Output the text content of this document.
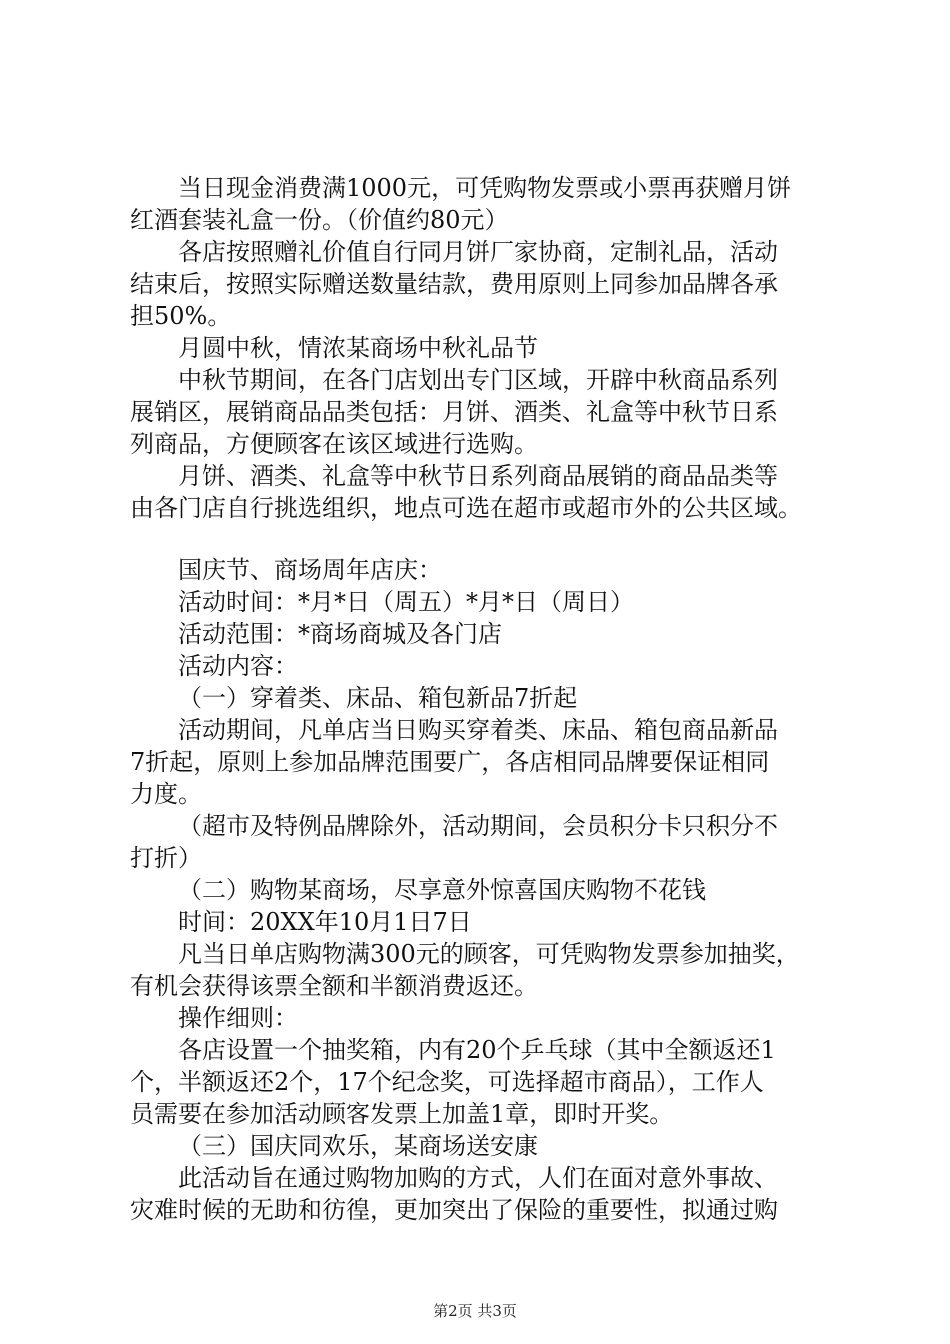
当日现金消费满1000元，可凭购物发票或小票再获赠月饼

红酒套装礼盒一份。（价值约80元）

各店按照赠礼价值自行同月饼厂家协商，定制礼品，活动

结束后，按照实际赠送数量结款，费用原则上同参加品牌各承

担50%。

月圆中秋，情浓某商场中秋礼品节

中秋节期间，在各门店划出专门区域，开辟中秋商品系列

展销区，展销商品品类包括：月饼、酒类、礼盒等中秋节日系

列商品，方便顾客在该区域进行选购。

月饼、酒类、礼盒等中秋节日系列商品展销的商品品类等

由各门店自行挑选组织，地点可选在超市或超市外的公共区域。

国庆节、商场周年店庆：

活动时间：*月*日（周五）*月*日（周日）

活动范围：*商场商城及各门店

活动内容：

（一）穿着类、床品、箱包新品7折起

活动期间，凡单店当日购买穿着类、床品、箱包商品新品

7折起，原则上参加品牌范围要广，各店相同品牌要保证相同

力度。

（超市及特例品牌除外，活动期间，会员积分卡只积分不

打折）

（二）购物某商场，尽享意外惊喜国庆购物不花钱

时间：20XX年10月1日7日

凡当日单店购物满300元的顾客，可凭购物发票参加抽奖，

有机会获得该票全额和半额消费返还。

操作细则：

各店设置一个抽奖箱，内有20个乒乓球（其中全额返还1

个，半额返还2个，17个纪念奖，可选择超市商品），工作人

员需要在参加活动顾客发票上加盖1章，即时开奖。

（三）国庆同欢乐，某商场送安康

此活动旨在通过购物加购的方式，人们在面对意外事故、

灾难时候的无助和彷徨，更加突出了保险的重要性，拟通过购

第2页 共3页
